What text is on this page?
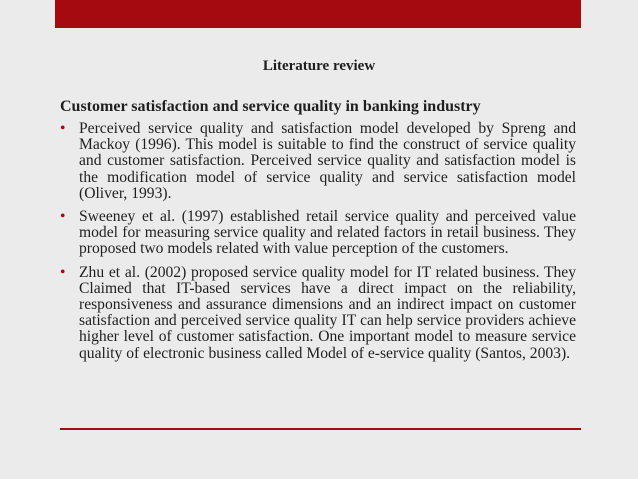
Literature review
Customer satisfaction and service quality in banking industry
• Perceived service quality and satisfaction model developed by Spreng and Mackoy (1996). This model is suitable to find the construct of service quality and customer satisfaction. Perceived service quality and satisfaction model is the modification model of service quality and service satisfaction model (Oliver, 1993).
• Sweeney et al. (1997) established retail service quality and perceived value model for measuring service quality and related factors in retail business. They proposed two models related with value perception of the customers.
• Zhu et al. (2002) proposed service quality model for IT related business. They Claimed that IT-based services have a direct impact on the reliability, responsiveness and assurance dimensions and an indirect impact on customer satisfaction and perceived service quality IT can help service providers achieve higher level of customer satisfaction. One important model to measure service quality of electronic business called Model of e-service quality (Santos, 2003).
